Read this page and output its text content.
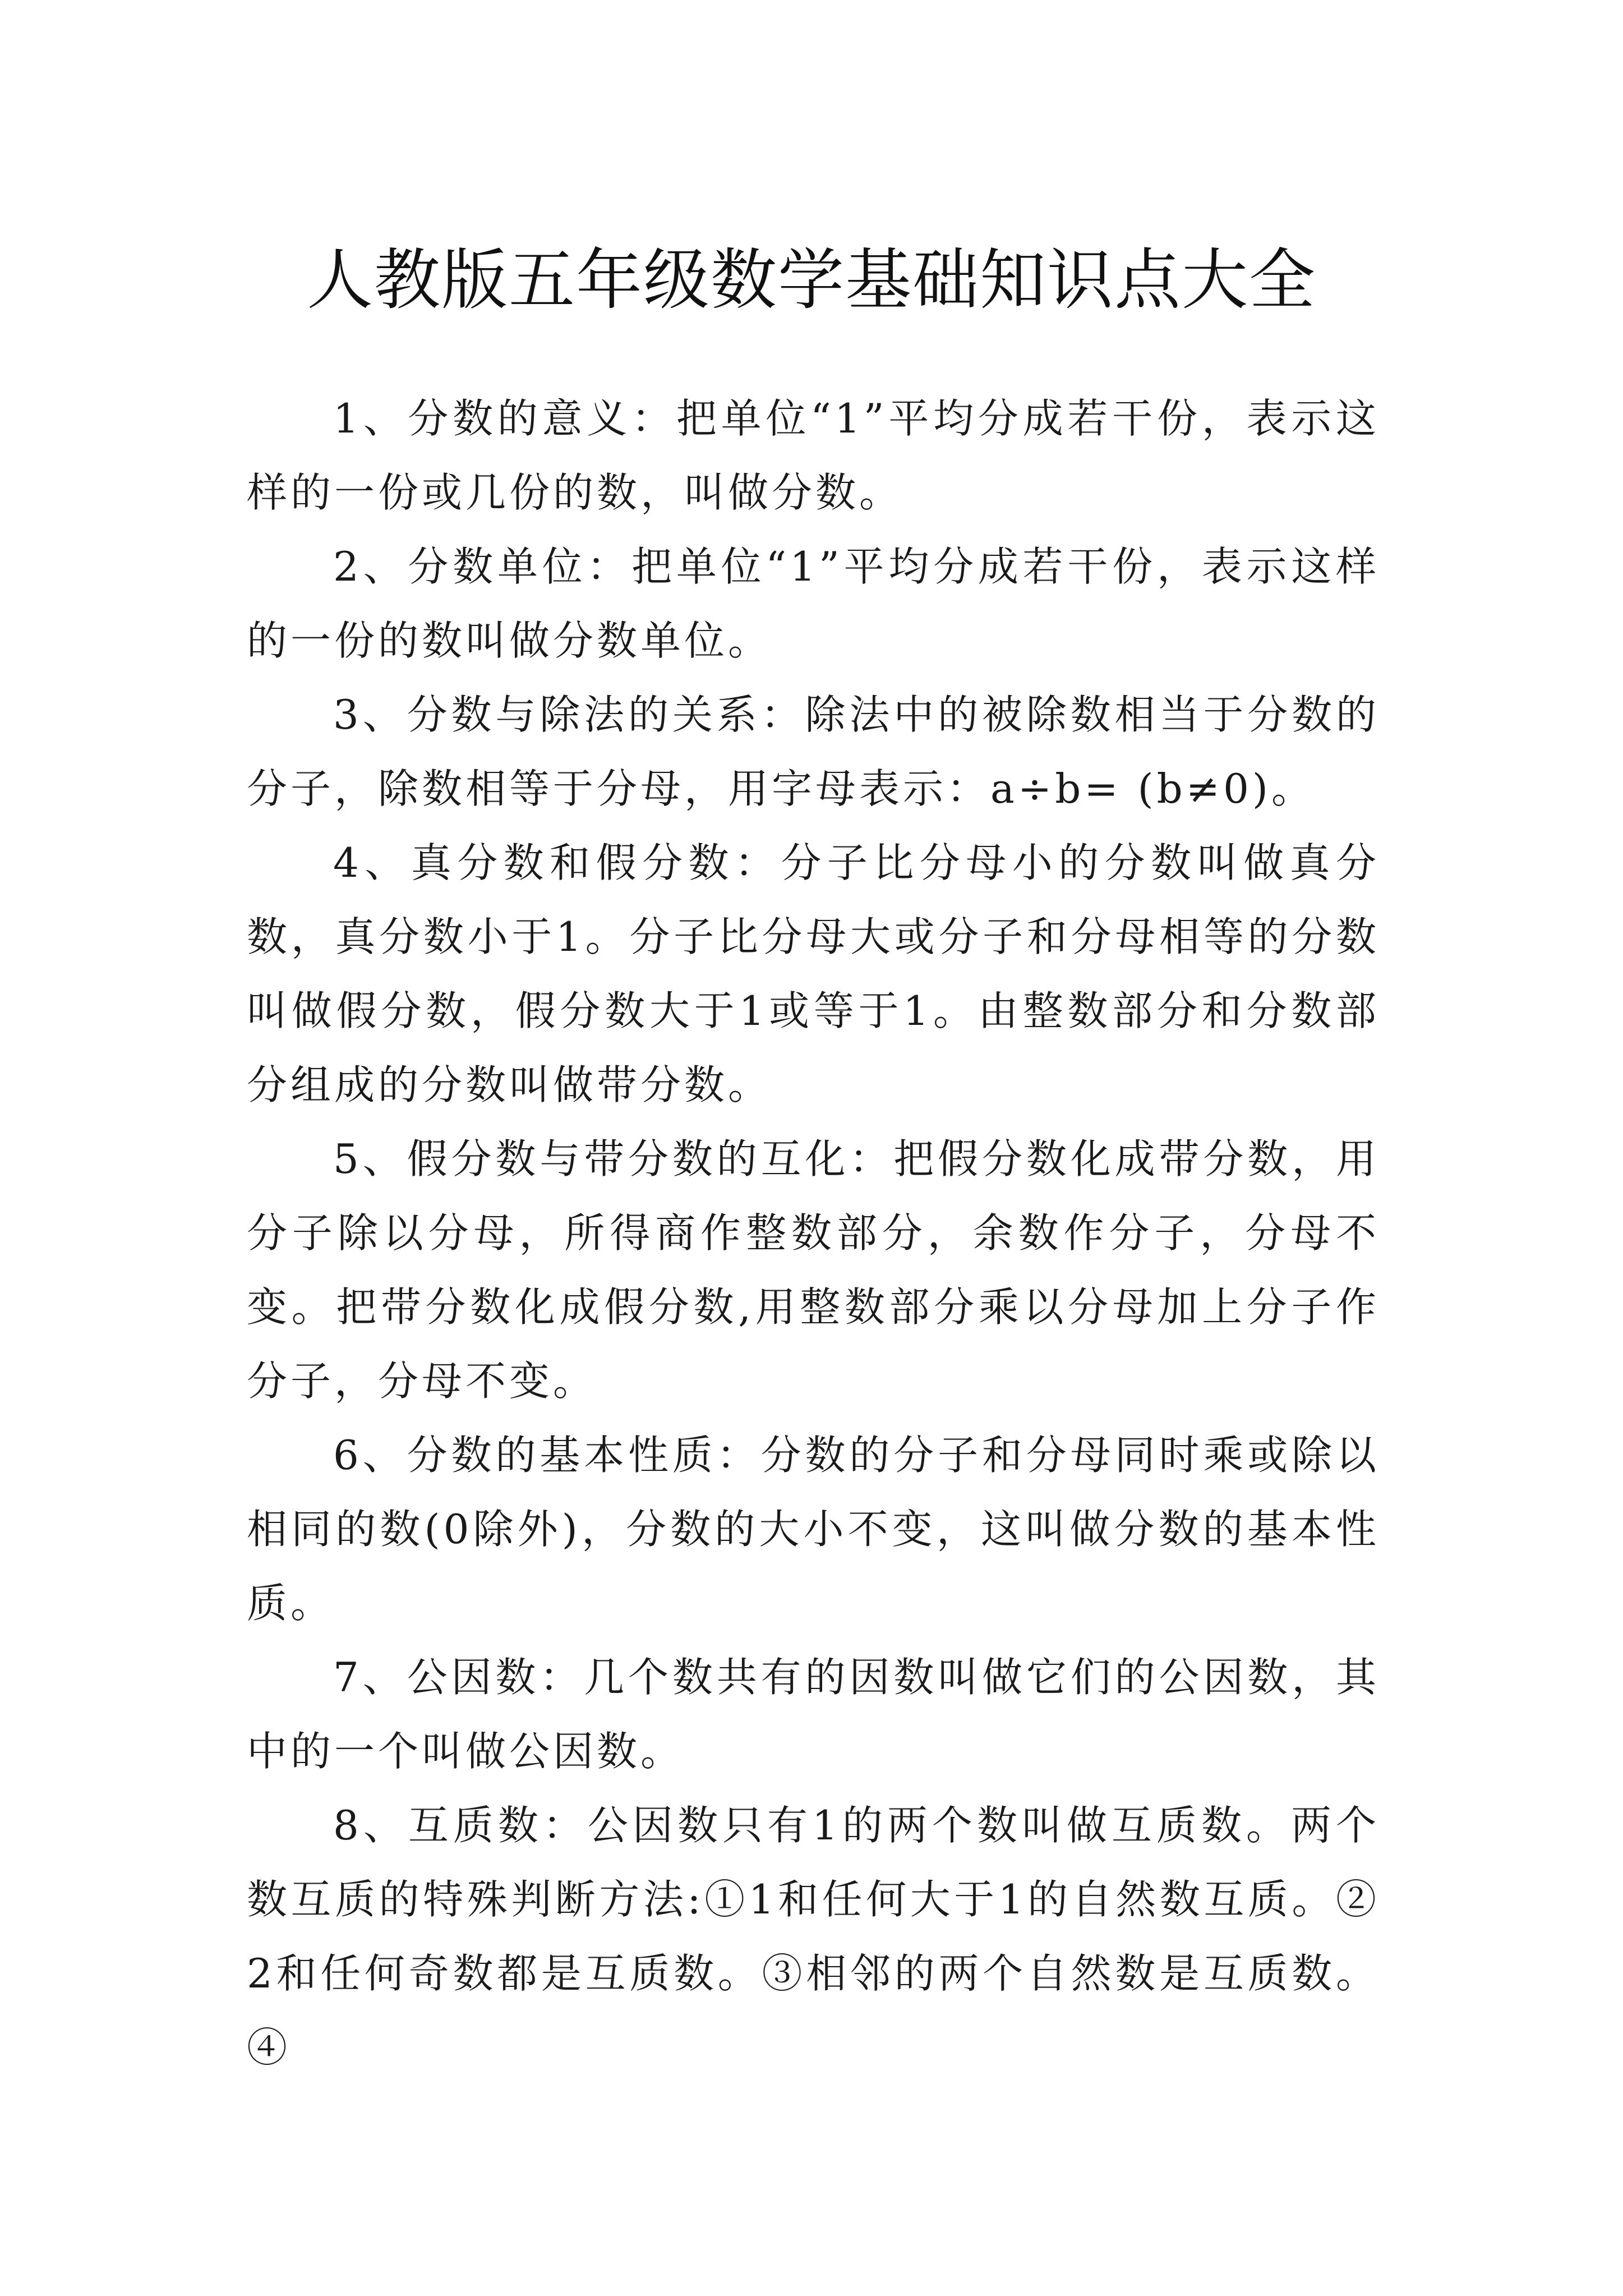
人教版五年级数学基础知识点大全

1、分数的意义：把单位“1”平均分成若干份，表示这样的一份或几份的数，叫做分数。

2、分数单位：把单位“1”平均分成若干份，表示这样的一份的数叫做分数单位。

3、分数与除法的关系：除法中的被除数相当于分数的分子，除数相等于分母，用字母表示：a÷b= (b≠0)。

4、真分数和假分数：分子比分母小的分数叫做真分数，真分数小于1。分子比分母大或分子和分母相等的分数叫做假分数，假分数大于1或等于1。由整数部分和分数部分组成的分数叫做带分数。

5、假分数与带分数的互化：把假分数化成带分数，用分子除以分母，所得商作整数部分，余数作分子，分母不变。把带分数化成假分数,用整数部分乘以分母加上分子作分子，分母不变。

6、分数的基本性质：分数的分子和分母同时乘或除以相同的数(0除外)，分数的大小不变，这叫做分数的基本性质。

7、公因数：几个数共有的因数叫做它们的公因数，其中的一个叫做公因数。

8、互质数：公因数只有1的两个数叫做互质数。两个数互质的特殊判断方法:①1和任何大于1的自然数互质。②2和任何奇数都是互质数。③相邻的两个自然数是互质数。④
